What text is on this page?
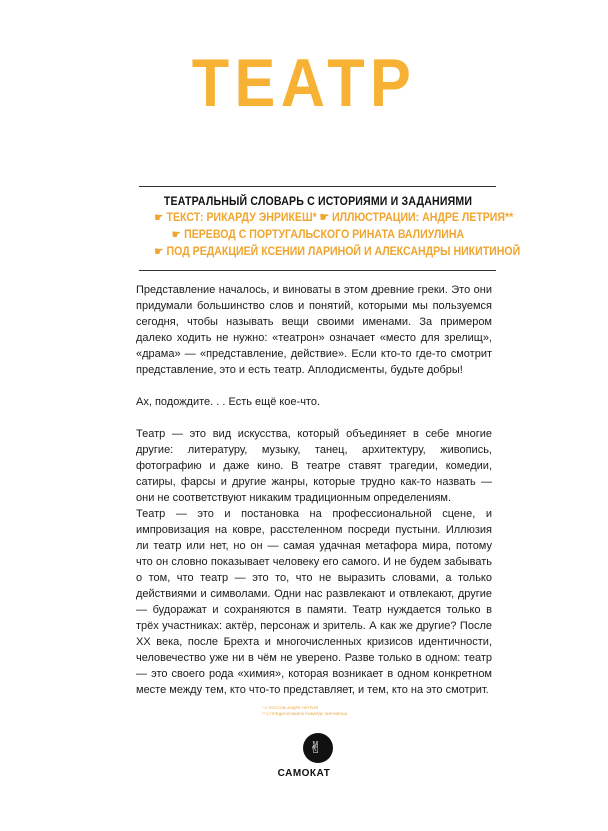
ТЕАТР
ТЕАТРАЛЬНЫЙ СЛОВАРЬ С ИСТОРИЯМИ И ЗАДАНИЯМИ
☛ ТЕКСТ: РИКАРДУ ЭНРИКЕШ* ☛ ИЛЛЮСТРАЦИИ: АНДРЕ ЛЕТРИЯ**
☛ ПЕРЕВОД С ПОРТУГАЛЬСКОГО РИНАТА ВАЛИУЛИНА
☛ ПОД РЕДАКЦИЕЙ КСЕНИИ ЛАРИНОЙ И АЛЕКСАНДРЫ НИКИТИНОЙ

Представление началось, и виноваты в этом древние греки. Это они придумали большинство слов и понятий, которыми мы пользуемся сегодня, чтобы называть вещи своими именами. За примером далеко ходить не нужно: «театрон» означает «место для зрелищ», «драма» — «представление, действие». Если кто-то где-то смотрит представление, это и есть театр. Аплодисменты, будьте добры!

Ах, подождите. . . Есть ещё кое-что.

Театр — это вид искусства, который объединяет в себе многие другие: литературу, музыку, танец, архитектуру, живопись, фотографию и даже кино. В театре ставят трагедии, комедии, сатиры, фарсы и другие жанры, которые трудно как-то назвать — они не соответствуют никаким традиционным определениям.

Театр — это и постановка на профессиональной сцене, и импровизация на ковре, расстеленном посреди пустыни. Иллюзия ли театр или нет, но он — самая удачная метафора мира, потому что он словно показывает человеку его самого. И не будем забывать о том, что театр — это то, что не выразить словами, а только действиями и символами. Одни нас развлекают и отвлекают, другие — будоражат и сохраняются в памяти. Театр нуждается только в трёх участниках: актёр, персонаж и зритель. А как же другие? После XX века, после Брехта и многочисленных кризисов идентичности, человечество уже ни в чём не уверено. Разве только в одном: театр — это своего рода «химия», которая возникает в одном конкретном месте между тем, кто что-то представляет, и тем, кто на это смотрит.

* С ПОСТОМ АНДРЕ ЛЕТРИЯ
** С ПРЕДИСЛОВИЕМ РИКАРДУ ЭНРИКЕША
✌
САМОКАТ
